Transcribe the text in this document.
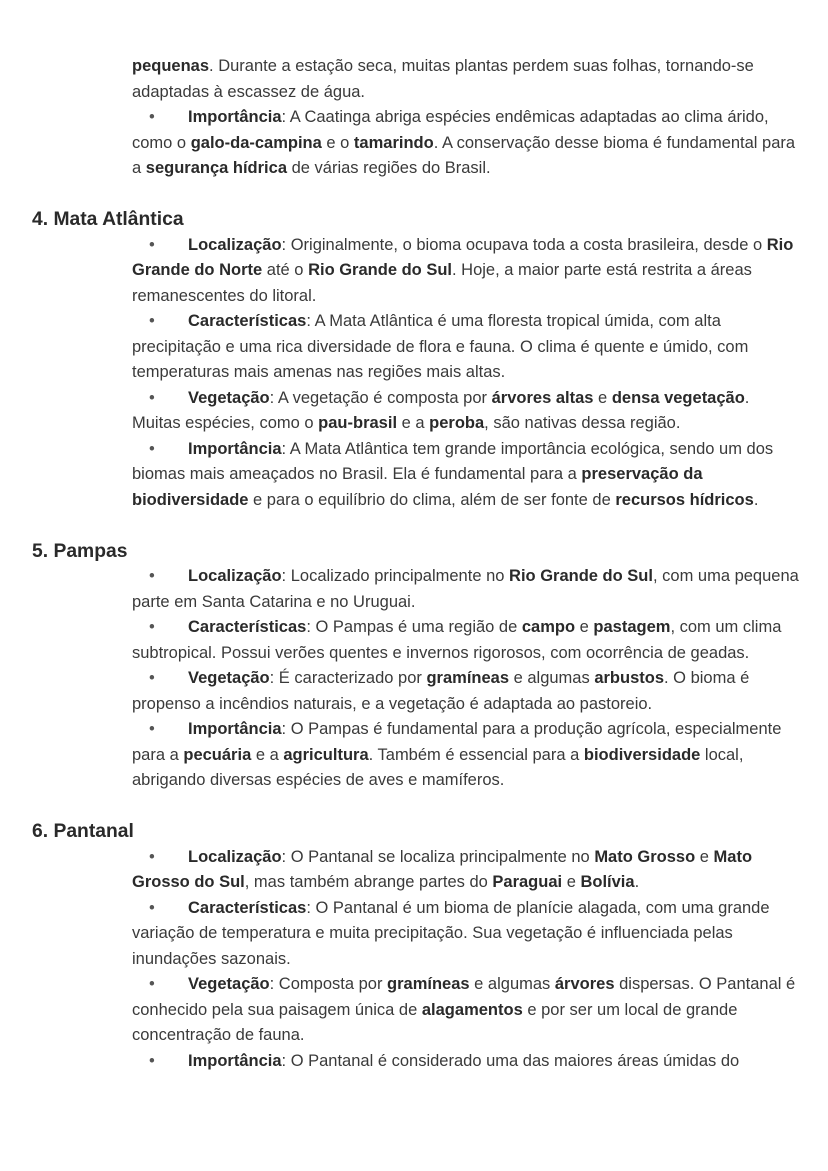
pequenas. Durante a estação seca, muitas plantas perdem suas folhas, tornando-se adaptadas à escassez de água.

• Importância: A Caatinga abriga espécies endêmicas adaptadas ao clima árido, como o galo-da-campina e o tamarindo. A conservação desse bioma é fundamental para a segurança hídrica de várias regiões do Brasil.
4. Mata Atlântica
• Localização: Originalmente, o bioma ocupava toda a costa brasileira, desde o Rio Grande do Norte até o Rio Grande do Sul. Hoje, a maior parte está restrita a áreas remanescentes do litoral.
• Características: A Mata Atlântica é uma floresta tropical úmida, com alta precipitação e uma rica diversidade de flora e fauna. O clima é quente e úmido, com temperaturas mais amenas nas regiões mais altas.
• Vegetação: A vegetação é composta por árvores altas e densa vegetação. Muitas espécies, como o pau-brasil e a peroba, são nativas dessa região.
• Importância: A Mata Atlântica tem grande importância ecológica, sendo um dos biomas mais ameaçados no Brasil. Ela é fundamental para a preservação da biodiversidade e para o equilíbrio do clima, além de ser fonte de recursos hídricos.
5. Pampas
• Localização: Localizado principalmente no Rio Grande do Sul, com uma pequena parte em Santa Catarina e no Uruguai.
• Características: O Pampas é uma região de campo e pastagem, com um clima subtropical. Possui verões quentes e invernos rigorosos, com ocorrência de geadas.
• Vegetação: É caracterizado por gramíneas e algumas arbustos. O bioma é propenso a incêndios naturais, e a vegetação é adaptada ao pastoreio.
• Importância: O Pampas é fundamental para a produção agrícola, especialmente para a pecuária e a agricultura. Também é essencial para a biodiversidade local, abrigando diversas espécies de aves e mamíferos.
6. Pantanal
• Localização: O Pantanal se localiza principalmente no Mato Grosso e Mato Grosso do Sul, mas também abrange partes do Paraguai e Bolívia.
• Características: O Pantanal é um bioma de planície alagada, com uma grande variação de temperatura e muita precipitação. Sua vegetação é influenciada pelas inundações sazonais.
• Vegetação: Composta por gramíneas e algumas árvores dispersas. O Pantanal é conhecido pela sua paisagem única de alagamentos e por ser um local de grande concentração de fauna.
• Importância: O Pantanal é considerado uma das maiores áreas úmidas do
